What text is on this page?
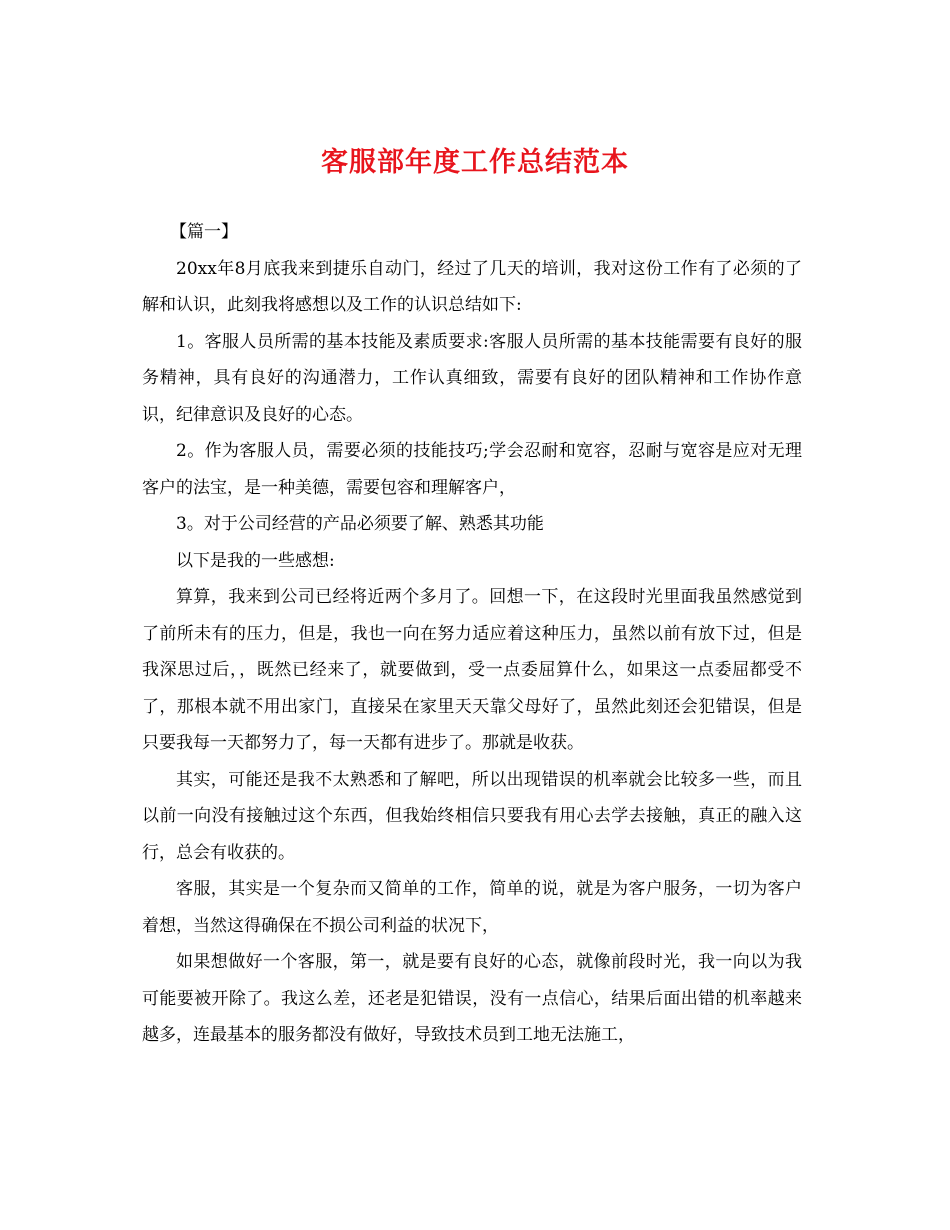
客服部年度工作总结范本

【篇一】

20xx年8月底我来到捷乐自动门，经过了几天的培训，我对这份工作有了必须的了解和认识，此刻我将感想以及工作的认识总结如下:

1。客服人员所需的基本技能及素质要求:客服人员所需的基本技能需要有良好的服务精神，具有良好的沟通潜力，工作认真细致，需要有良好的团队精神和工作协作意识，纪律意识及良好的心态。

2。作为客服人员，需要必须的技能技巧;学会忍耐和宽容，忍耐与宽容是应对无理客户的法宝，是一种美德，需要包容和理解客户，

3。对于公司经营的产品必须要了解、熟悉其功能

以下是我的一些感想:

算算，我来到公司已经将近两个多月了。回想一下，在这段时光里面我虽然感觉到了前所未有的压力，但是，我也一向在努力适应着这种压力，虽然以前有放下过，但是我深思过后，，既然已经来了，就要做到，受一点委屈算什么，如果这一点委屈都受不了，那根本就不用出家门，直接呆在家里天天靠父母好了，虽然此刻还会犯错误，但是只要我每一天都努力了，每一天都有进步了。那就是收获。

其实，可能还是我不太熟悉和了解吧，所以出现错误的机率就会比较多一些，而且以前一向没有接触过这个东西，但我始终相信只要我有用心去学去接触，真正的融入这行，总会有收获的。

客服，其实是一个复杂而又简单的工作，简单的说，就是为客户服务，一切为客户着想，当然这得确保在不损公司利益的状况下，

如果想做好一个客服，第一，就是要有良好的心态，就像前段时光，我一向以为我可能要被开除了。我这么差，还老是犯错误，没有一点信心，结果后面出错的机率越来越多，连最基本的服务都没有做好，导致技术员到工地无法施工，
